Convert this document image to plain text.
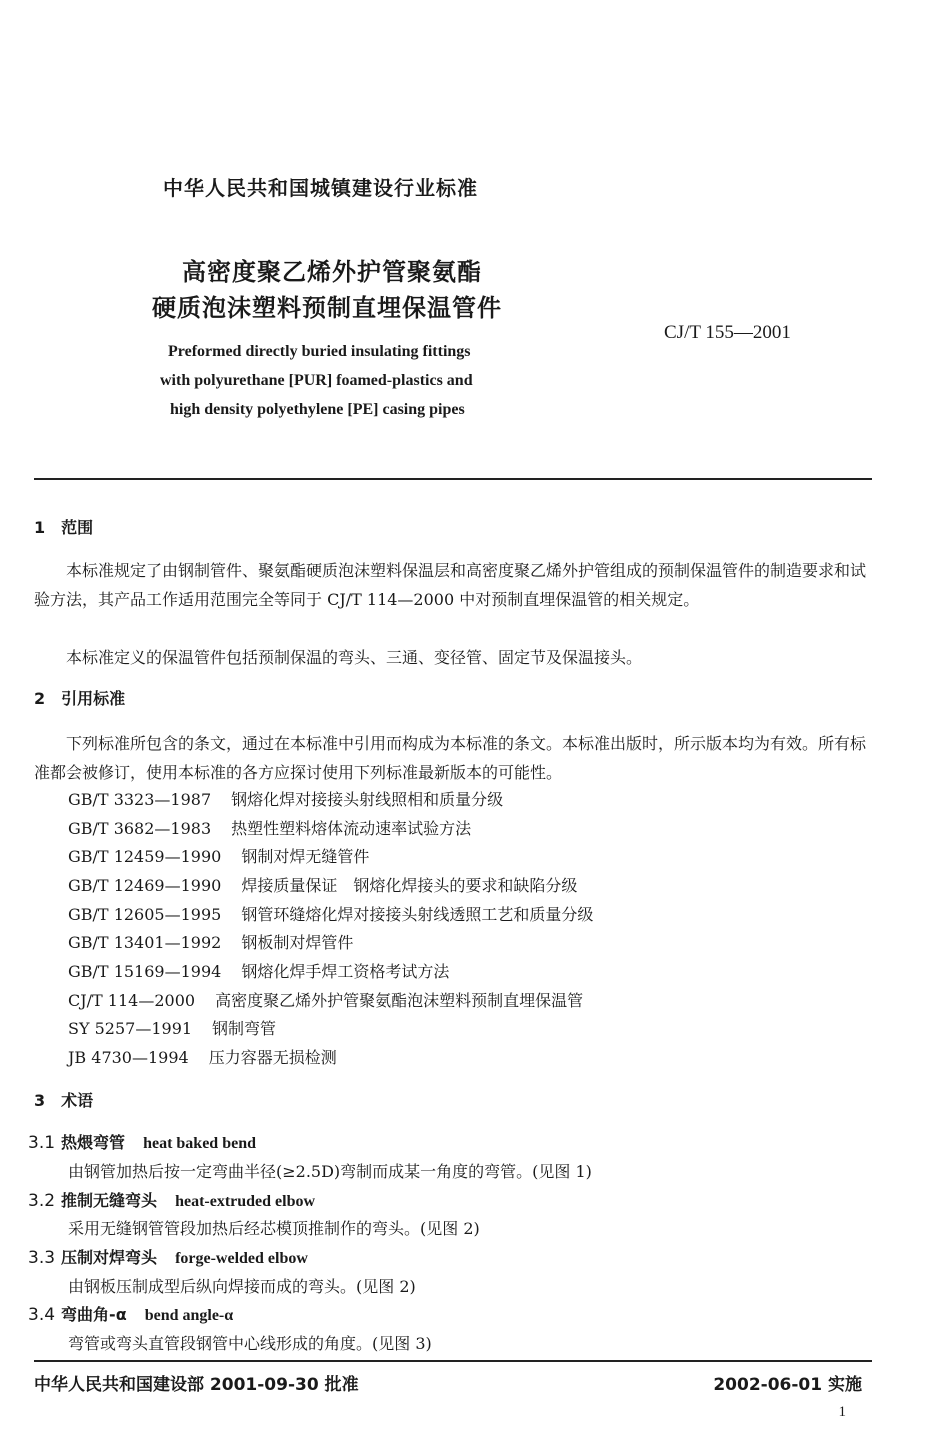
中华人民共和国城镇建设行业标准
高密度聚乙烯外护管聚氨酯
硬质泡沫塑料预制直埋保温管件
CJ/T 155—2001
Preformed directly buried insulating fittings
with polyurethane [PUR] foamed-plastics and
high density polyethylene [PE] casing pipes
1　范围
本标准规定了由钢制管件、聚氨酯硬质泡沫塑料保温层和高密度聚乙烯外护管组成的预制保温管件的制造要求和试验方法，其产品工作适用范围完全等同于 CJ/T 114—2000 中对预制直埋保温管的相关规定。
本标准定义的保温管件包括预制保温的弯头、三通、变径管、固定节及保温接头。
2　引用标准
下列标准所包含的条文，通过在本标准中引用而构成为本标准的条文。本标准出版时，所示版本均为有效。所有标准都会被修订，使用本标准的各方应探讨使用下列标准最新版本的可能性。
GB/T 3323—1987 钢熔化焊对接接头射线照相和质量分级
GB/T 3682—1983 热塑性塑料熔体流动速率试验方法
GB/T 12459—1990 钢制对焊无缝管件
GB/T 12469—1990 焊接质量保证　钢熔化焊接头的要求和缺陷分级
GB/T 12605—1995 钢管环缝熔化焊对接接头射线透照工艺和质量分级
GB/T 13401—1992 钢板制对焊管件
GB/T 15169—1994 钢熔化焊手焊工资格考试方法
CJ/T 114—2000 高密度聚乙烯外护管聚氨酯泡沫塑料预制直埋保温管
SY 5257—1991 钢制弯管
JB 4730—1994 压力容器无损检测
3　术语
3.1 热煨弯管 heat baked bend
由钢管加热后按一定弯曲半径(≥2.5D)弯制而成某一角度的弯管。(见图 1)
3.2 推制无缝弯头 heat-extruded elbow
采用无缝钢管管段加热后经芯模顶推制作的弯头。(见图 2)
3.3 压制对焊弯头 forge-welded elbow
由钢板压制成型后纵向焊接而成的弯头。(见图 2)
3.4 弯曲角-α bend angle-α
弯管或弯头直管段钢管中心线形成的角度。(见图 3)
中华人民共和国建设部 2001-09-30 批准	2002-06-01 实施
1
